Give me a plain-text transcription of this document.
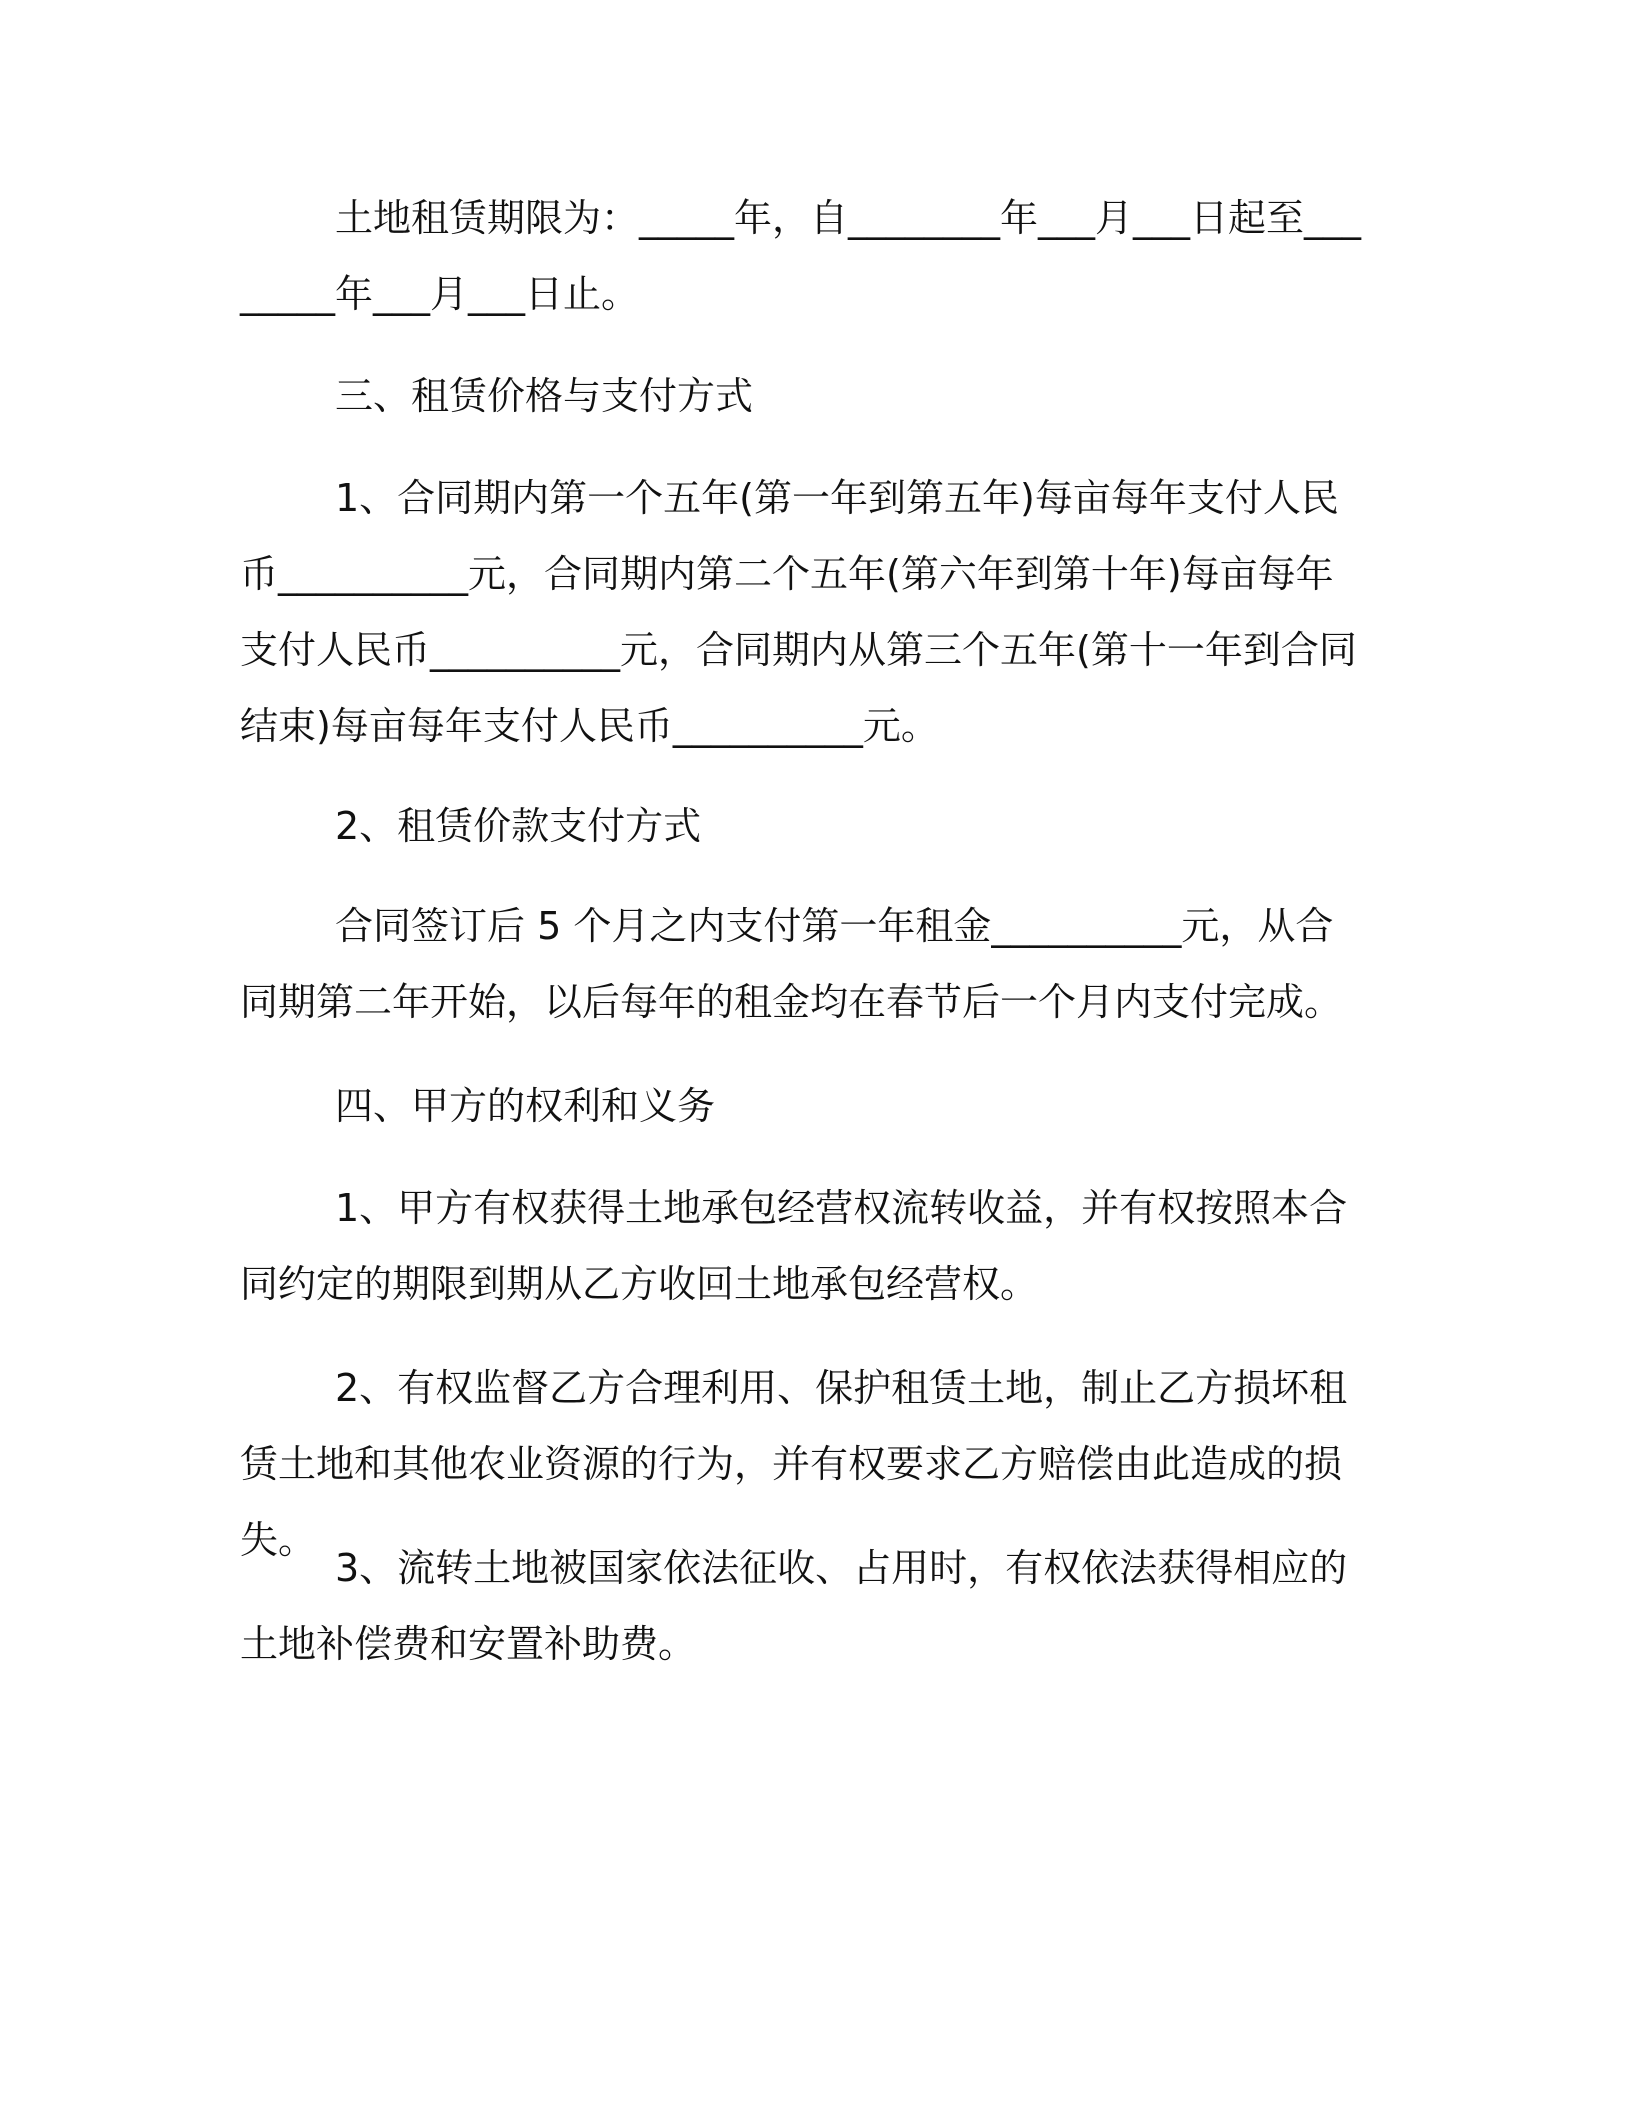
土地租赁期限为：_____年，自________年___月___日起至________年___月___日止。

三、租赁价格与支付方式

1、合同期内第一个五年(第一年到第五年)每亩每年支付人民币__________元，合同期内第二个五年(第六年到第十年)每亩每年支付人民币__________元，合同期内从第三个五年(第十一年到合同结束)每亩每年支付人民币__________元。

2、租赁价款支付方式

合同签订后 5 个月之内支付第一年租金__________元，从合同期第二年开始，以后每年的租金均在春节后一个月内支付完成。

四、甲方的权利和义务

1、甲方有权获得土地承包经营权流转收益，并有权按照本合同约定的期限到期从乙方收回土地承包经营权。

2、有权监督乙方合理利用、保护租赁土地，制止乙方损坏租赁土地和其他农业资源的行为，并有权要求乙方赔偿由此造成的损失。

3、流转土地被国家依法征收、占用时，有权依法获得相应的土地补偿费和安置补助费。
